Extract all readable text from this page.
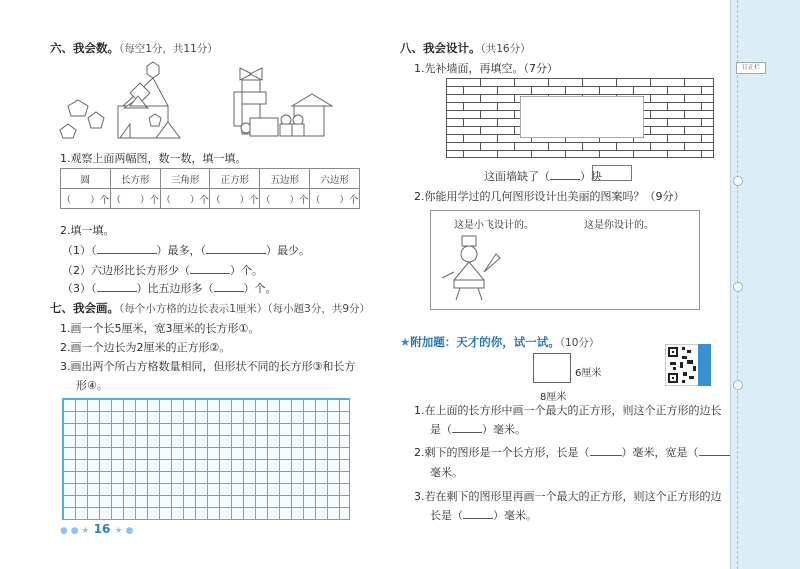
六、我会数。（每空1分，共11分）
1.观察上面两幅图，数一数，填一填。
圆	长方形	三角形	正方形	五边形	六边形
（　　）个	（　　）个	（　　）个	（　　）个	（　　）个	（　　）个
2.填一填。
（1）（	）最多，（	）最少。
（2）六边形比长方形少（	）个。
（3）（	）比五边形多（	）个。
七、我会画。（每个小方格的边长表示1厘米）（每小题3分，共9分）
1.画一个长5厘米，宽3厘米的长方形①。
2.画一个边长为2厘米的正方形②。
3.画出两个所占方格数量相同，但形状不同的长方形③和长方
形④。
● ● ★ 16 ★ ●
八、我会设计。（共16分）
1.先补墙面，再填空。（7分）
这面墙缺了（	）块
2.你能用学过的几何图形设计出美丽的图案吗？（9分）
这是小飞设计的。	这是你设计的。
★附加题：天才的你，试一试。（10分）
6厘米
8厘米
1.在上面的长方形中画一个最大的正方形，则这个正方形的边长
是（	）毫米。
2.剩下的图形是一个长方形，长是（	）毫米，宽是（
毫米。
3.若在剩下的图形里再画一个最大的正方形，则这个正方形的边
长是（	）毫米。
订正栏
